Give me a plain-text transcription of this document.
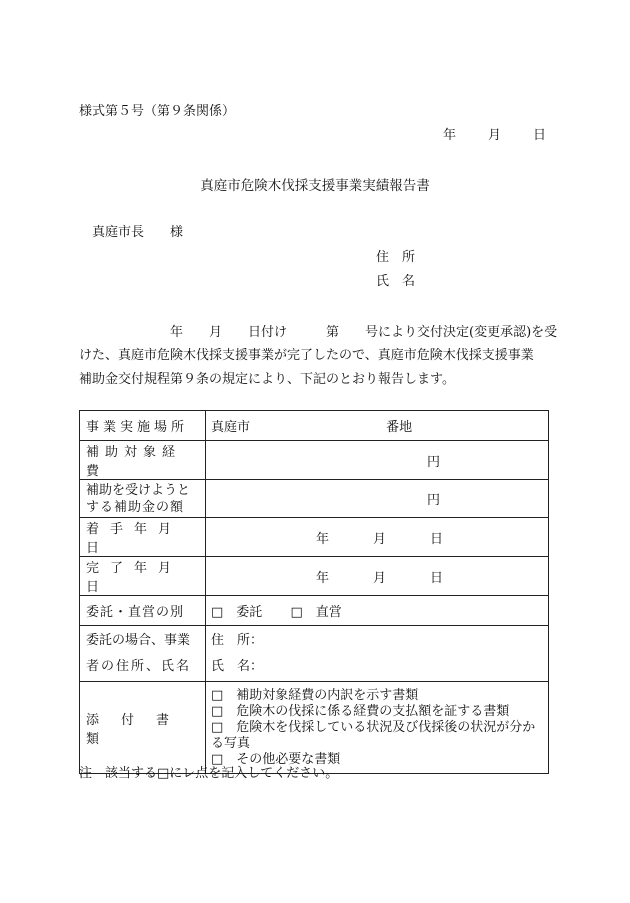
様式第５号（第９条関係）
年 月 日
真庭市危険木伐採支援事業実績報告書
真庭市長　　様
住　所
氏　名
　　　　　　　年　　月　　日付け　　　第　　号により交付決定(変更承認)を受
けた、真庭市危険木伐採支援事業が完了したので、真庭市危険木伐採支援事業
補助金交付規程第９条の規定により、下記のとおり報告します。
事業実施場所	真庭市 番地
補助対象経費	円

補助を受けようと
する補助金の額	円
着手年月日	年 月 日
完了年月日	年 月 日
委託・直営の別	□　委託 □　直営

委託の場合、事業
者の住所、氏名	住　所：
氏　名：

添付書類	□　補助対象経費の内訳を示す書類
□　危険木の伐採に係る経費の支払額を証する書類
□　危険木を伐採している状況及び伐採後の状況が分かる写真
□　その他必要な書類
注　該当する□にレ点を記入してください。
